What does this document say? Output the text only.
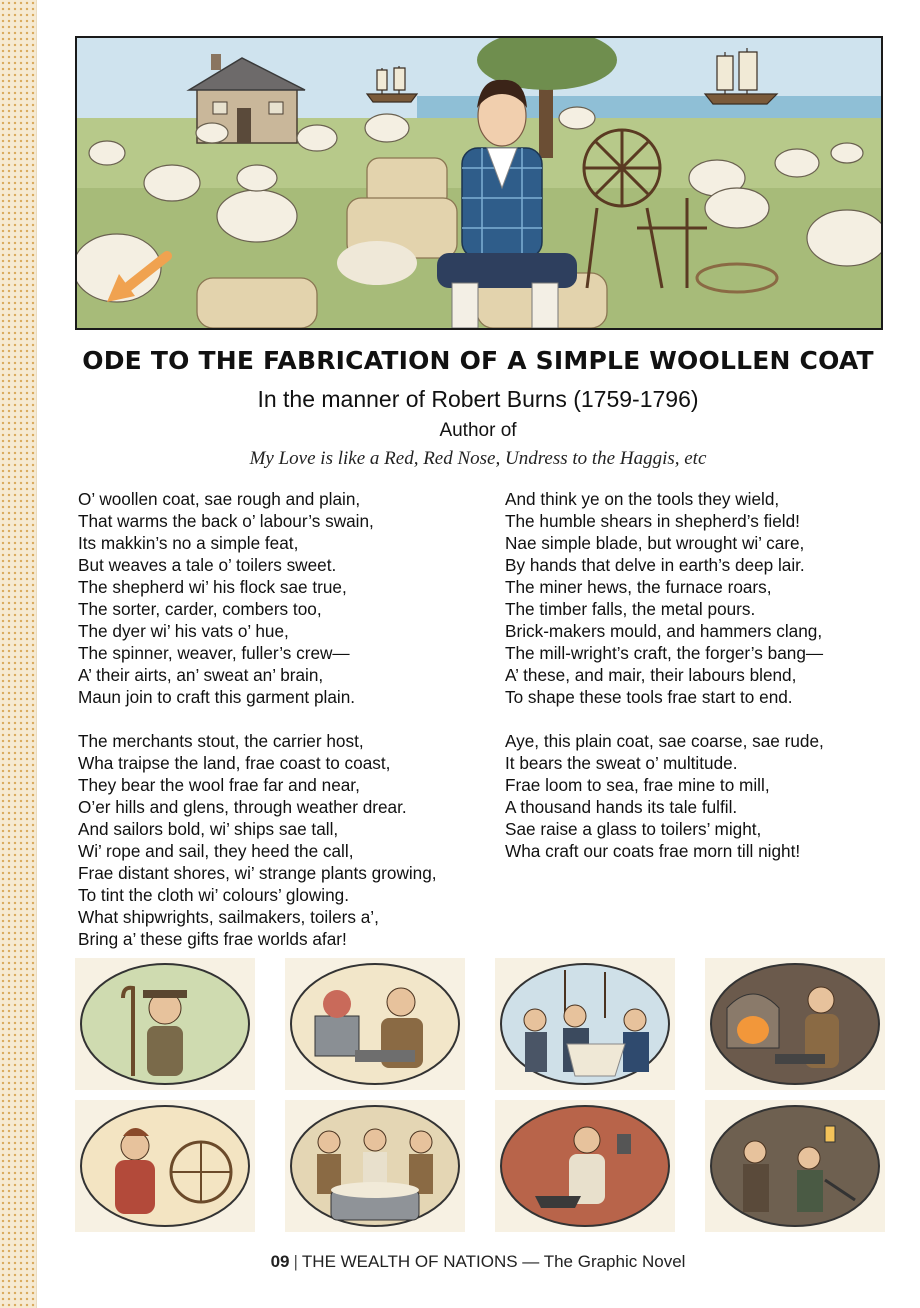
ODE TO THE FABRICATION OF A SIMPLE WOOLLEN COAT
In the manner of Robert Burns (1759-1796)
Author of
My Love is like a Red, Red Nose, Undress to the Haggis, etc
O’ woollen coat, sae rough and plain,
That warms the back o’ labour’s swain,
Its makkin’s no a simple feat,
But weaves a tale o’ toilers sweet.
The shepherd wi’ his flock sae true,
The sorter, carder, combers too,
The dyer wi’ his vats o’ hue,
The spinner, weaver, fuller’s crew—
A’ their airts, an’ sweat an’ brain,
Maun join to craft this garment plain.
The merchants stout, the carrier host,
Wha traipse the land, frae coast to coast,
They bear the wool frae far and near,
O’er hills and glens, through weather drear.
And sailors bold, wi’ ships sae tall,
Wi’ rope and sail, they heed the call,
Frae distant shores, wi’ strange plants growing,
To tint the cloth wi’ colours’ glowing.
What shipwrights, sailmakers, toilers a’,
Bring a’ these gifts frae worlds afar!
And think ye on the tools they wield,
The humble shears in shepherd’s field!
Nae simple blade, but wrought wi’ care,
By hands that delve in earth’s deep lair.
The miner hews, the furnace roars,
The timber falls, the metal pours.
Brick-makers mould, and hammers clang,
The mill-wright’s craft, the forger’s bang—
A’ these, and mair, their labours blend,
To shape these tools frae start to end.
Aye, this plain coat, sae coarse, sae rude,
It bears the sweat o’ multitude.
Frae loom to sea, frae mine to mill,
A thousand hands its tale fulfil.
Sae raise a glass to toilers’ might,
Wha craft our coats frae morn till night!
09 | THE WEALTH OF NATIONS — The Graphic Novel
